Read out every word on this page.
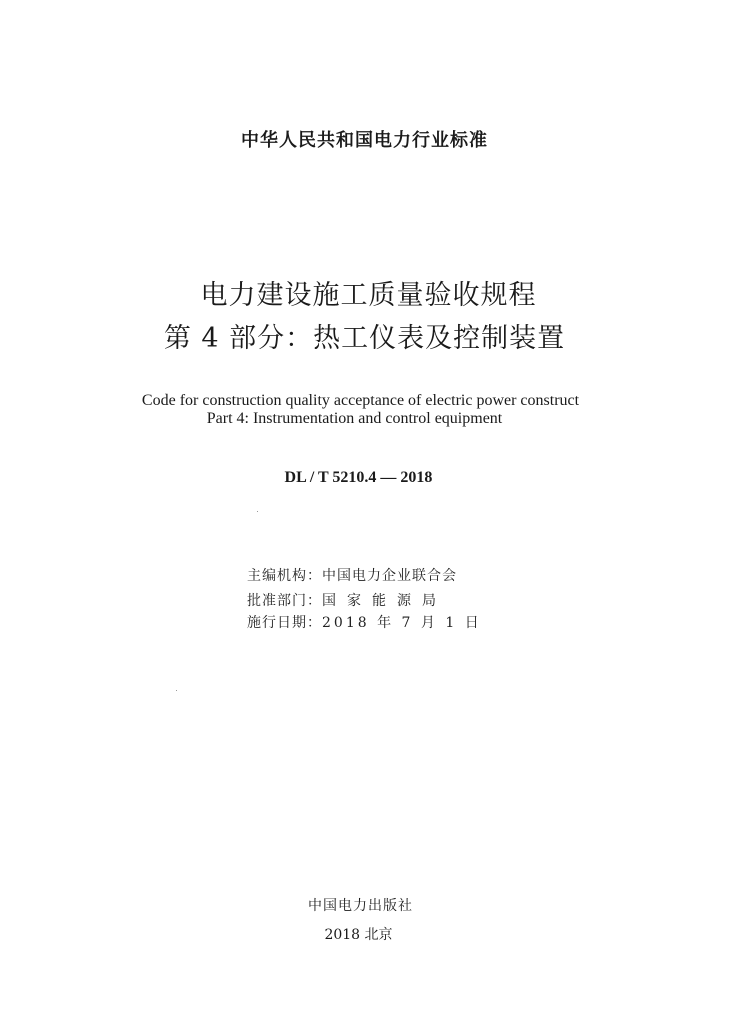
中华人民共和国电力行业标准
电力建设施工质量验收规程
第 4 部分：热工仪表及控制装置
Code for construction quality acceptance of electric power construct
Part 4: Instrumentation and control equipment
DL / T 5210.4 — 2018
主编机构：中国电力企业联合会
批准部门：国家能源局
施行日期：2018 年 7 月 1 日
中国电力出版社
2018 北京
